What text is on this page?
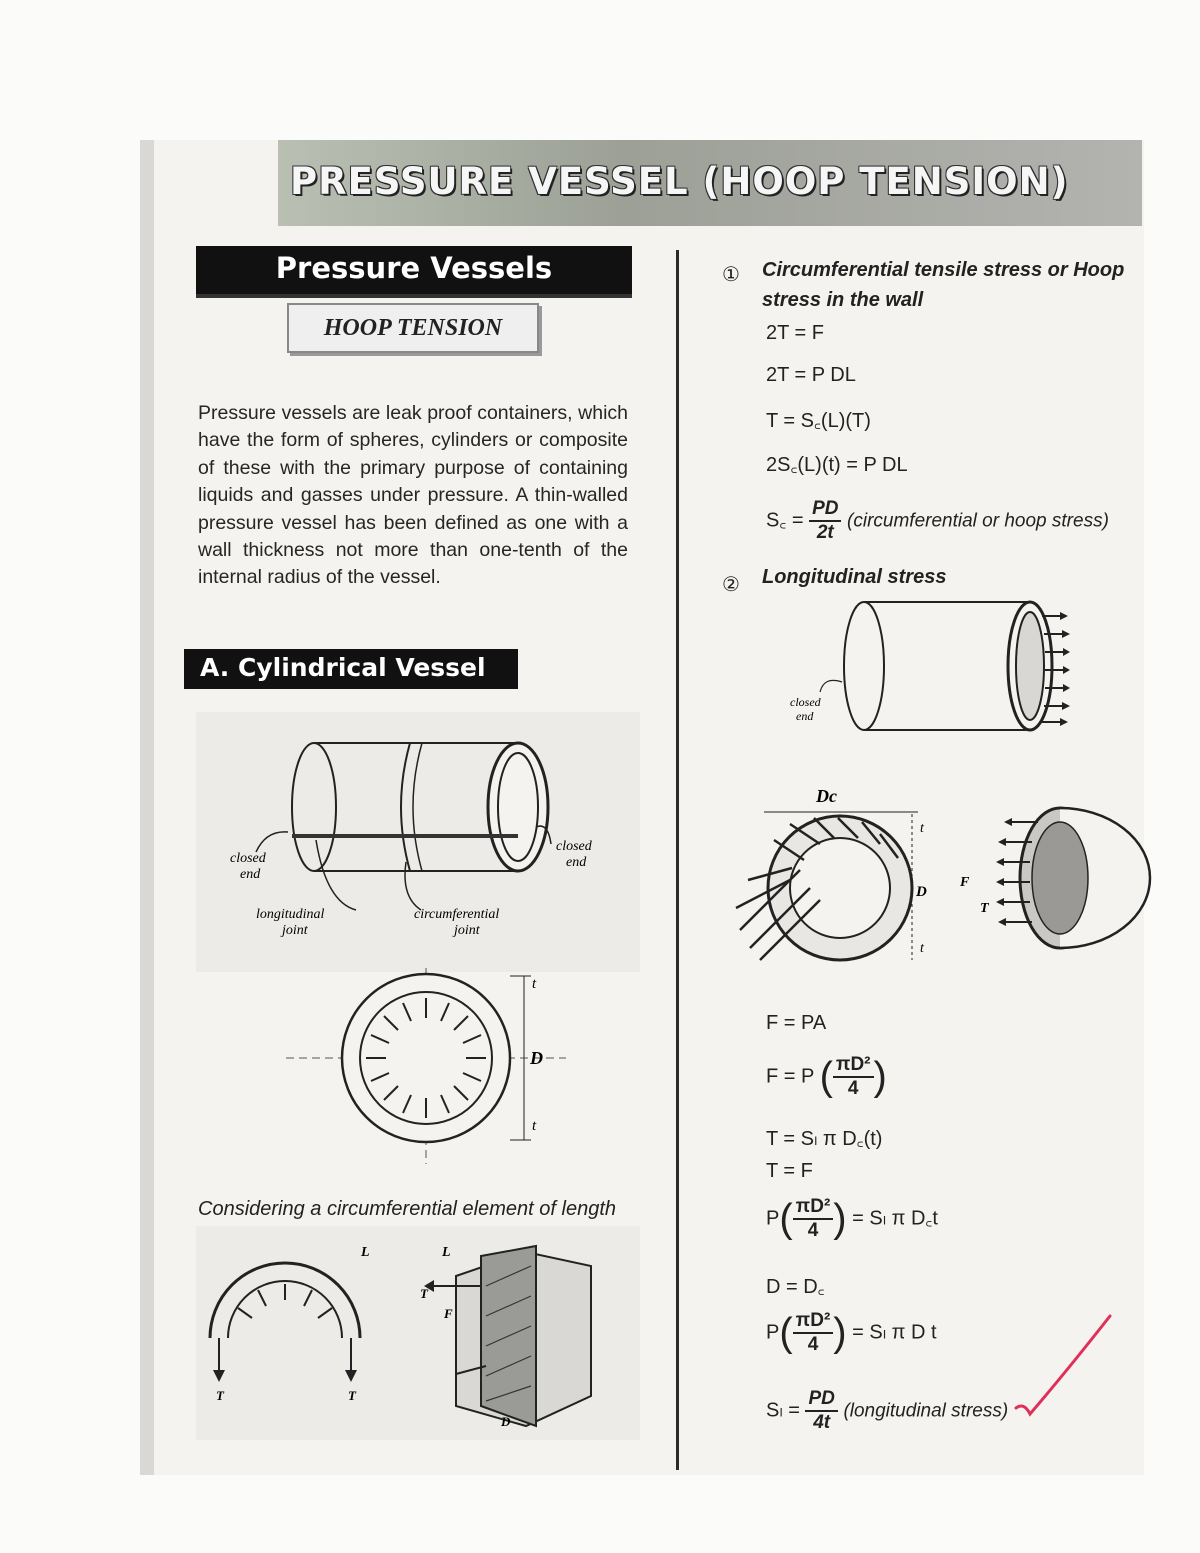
PRESSURE VESSEL (HOOP TENSION)
Pressure Vessels
HOOP TENSION
Pressure vessels are leak proof containers, which have the form of spheres, cylinders or composite of these with the primary purpose of containing liquids and gasses under pressure. A thin-walled pressure vessel has been defined as one with a wall thickness not more than one-tenth of the internal radius of the vessel.
A. Cylindrical Vessel
closed
end
closed
end
longitudinal
joint
circumferential
joint
t
D
t
Considering a circumferential element of length
T	T
L	L
T
F
D
① Circumferential tensile stress or Hoop stress in the wall
2T = F
2T = P DL
T = S꜀(L)(T)
2S꜀(L)(t) = P DL
S꜀ = $\frac{PD}{2t}$ (circumferential or hoop stress)
② Longitudinal stress
closed
end
Dc
t
D
t
F
T
F = PA
F = P ( $\frac{\text{πD²}}{4}$ )
T = Sₗ π D꜀(t)
T = F
$P( \frac{\text{πD²}}{4}$ ) = Sₗ π D꜀t
D = D꜀
$P( \frac{\text{πD²}}{4}$ ) = Sₗ π D t
$S_l = \frac{PD}{4t}$ (longitudinal stress)
